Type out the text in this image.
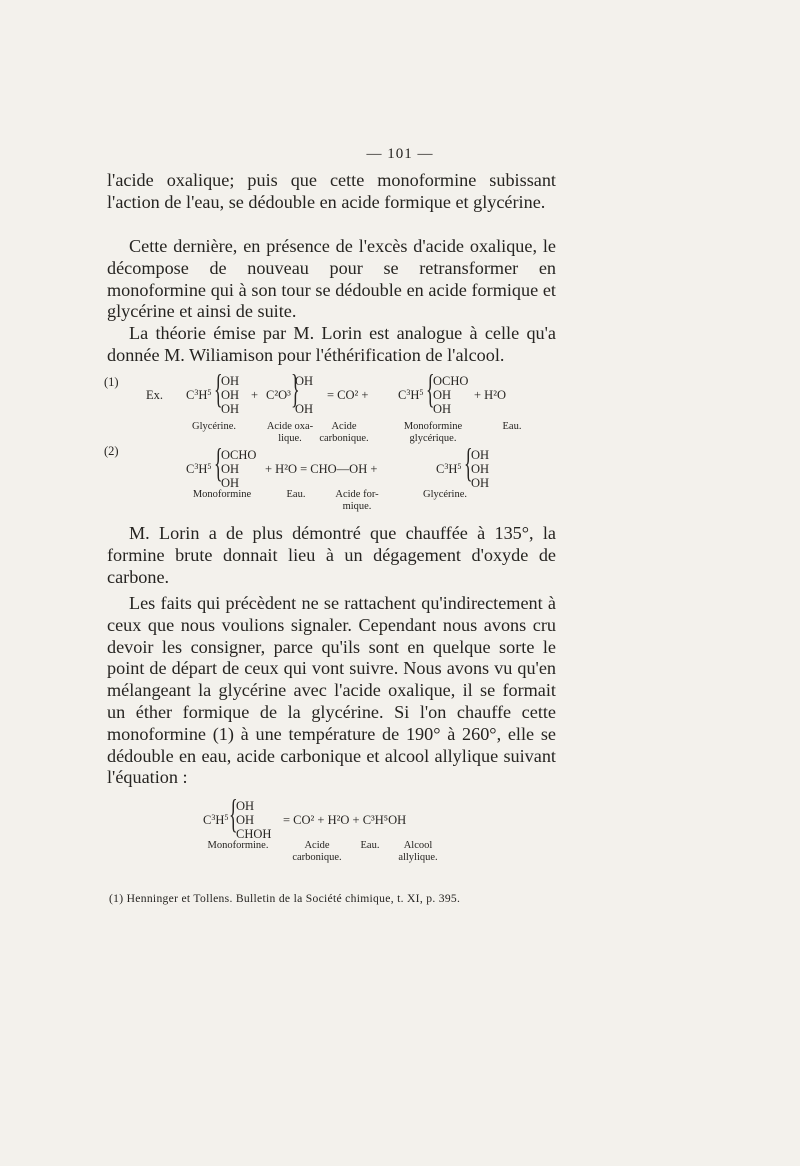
— 101 —

l'acide oxalique; puis que cette monoformine subissant l'action de l'eau, se dédouble en acide formique et glycérine.

Cette dernière, en présence de l'excès d'acide oxalique, le décompose de nouveau pour se retransformer en monoformine qui à son tour se dédouble en acide formique et glycérine et ainsi de suite.

La théorie émise par M. Lorin est analogue à celle qu'a donnée M. Wiliamison pour l'éthérification de l'alcool.

(1)
Ex. $C^3H^5$ {
OH
OH
OH
+ C²O³ }
OH
OH
= $CO^2 + C^3H^5$ {
OCHO
OH
OH
+ H²O
Glycérine.	Acide oxa-
lique.
Acide
carbonique.
Monoformine
glycérique.
Eau.
(2)
$C^3H^5$ {
OCHO
OH
OH
+ H²O = CHO—OH +	$C^3H^5$ {
OH
OH
OH
Monoformine	Eau.	Acide for-
mique.
Glycérine.

M. Lorin a de plus démontré que chauffée à 135°, la formine brute donnait lieu à un dégagement d'oxyde de carbone.

Les faits qui précèdent ne se rattachent qu'indirectement à ceux que nous voulions signaler. Cependant nous avons cru devoir les consigner, parce qu'ils sont en quelque sorte le point de départ de ceux qui vont suivre. Nous avons vu qu'en mélangeant la glycérine avec l'acide oxalique, il se formait un éther formique de la glycérine. Si l'on chauffe cette monoformine (1) à une température de 190° à 260°, elle se dédouble en eau, acide carbonique et alcool allylique suivant l'équation :

$C^3H^5$ {
OH
OH
CHOH
= CO² + H²O + C³H⁵OH
Monoformine.	Acide
carbonique.
Eau.	Alcool
allylique.
(1) Henninger et Tollens. Bulletin de la Société chimique, t. XI, p. 395.
